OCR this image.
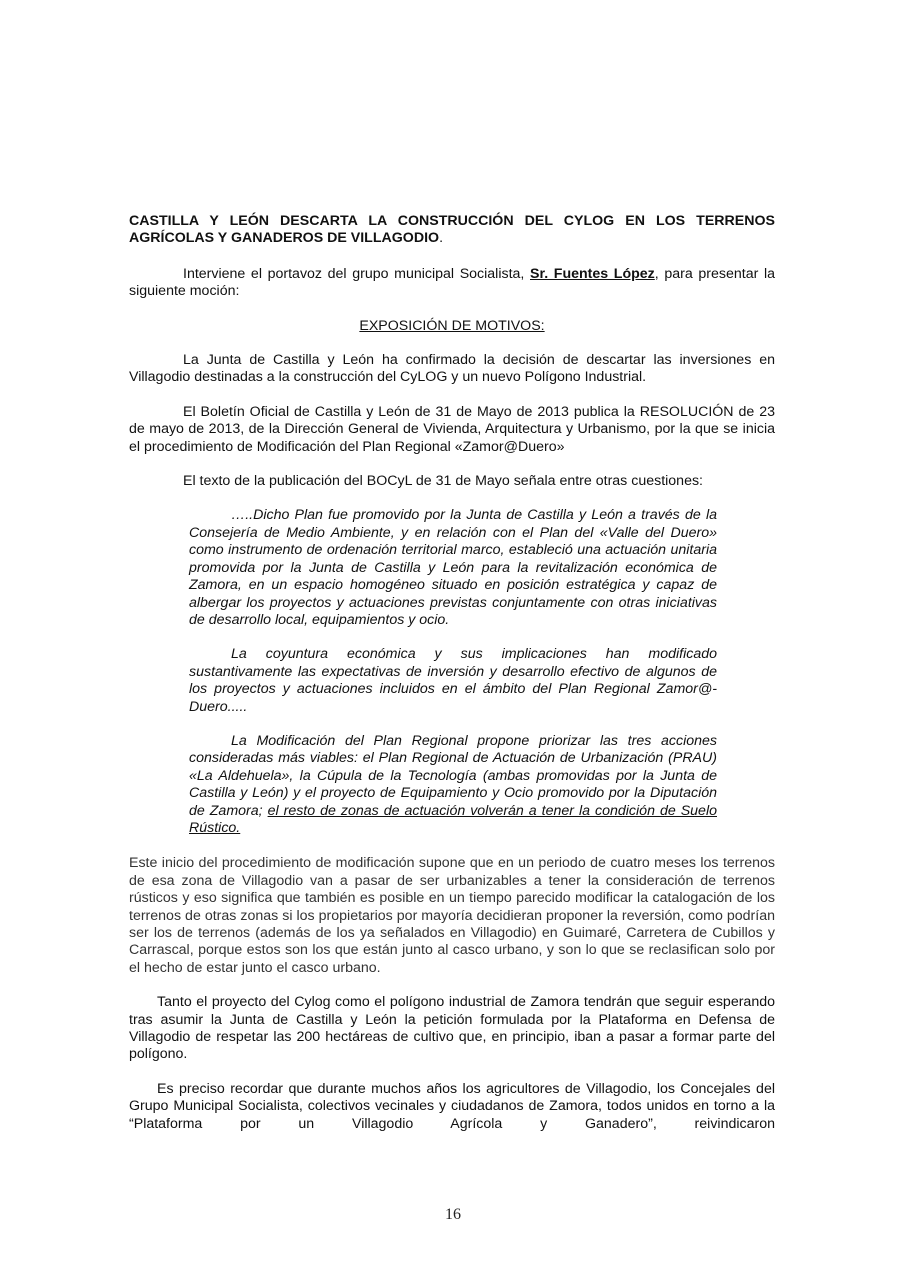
CASTILLA Y LEÓN DESCARTA LA CONSTRUCCIÓN DEL CYLOG EN LOS TERRENOS AGRÍCOLAS Y GANADEROS DE VILLAGODIO.

Interviene el portavoz del grupo municipal Socialista, Sr. Fuentes López, para presentar la siguiente moción:

EXPOSICIÓN DE MOTIVOS:

La Junta de Castilla y León ha confirmado la decisión de descartar las inversiones en Villagodio destinadas a la construcción del CyLOG y un nuevo Polígono Industrial.

El Boletín Oficial de Castilla y León de 31 de Mayo de 2013 publica la RESOLUCIÓN de 23 de mayo de 2013, de la Dirección General de Vivienda, Arquitectura y Urbanismo, por la que se inicia el procedimiento de Modificación del Plan Regional «Zamor@Duero»

El texto de la publicación del BOCyL de 31 de Mayo señala entre otras cuestiones:

…..Dicho Plan fue promovido por la Junta de Castilla y León a través de la Consejería de Medio Ambiente, y en relación con el Plan del «Valle del Duero» como instrumento de ordenación territorial marco, estableció una actuación unitaria promovida por la Junta de Castilla y León para la revitalización económica de Zamora, en un espacio homogéneo situado en posición estratégica y capaz de albergar los proyectos y actuaciones previstas conjuntamente con otras iniciativas de desarrollo local, equipamientos y ocio.

La coyuntura económica y sus implicaciones han modificado sustantivamente las expectativas de inversión y desarrollo efectivo de algunos de los proyectos y actuaciones incluidos en el ámbito del Plan Regional Zamor@-Duero.....

La Modificación del Plan Regional propone priorizar las tres acciones consideradas más viables: el Plan Regional de Actuación de Urbanización (PRAU) «La Aldehuela», la Cúpula de la Tecnología (ambas promovidas por la Junta de Castilla y León) y el proyecto de Equipamiento y Ocio promovido por la Diputación de Zamora; el resto de zonas de actuación volverán a tener la condición de Suelo Rústico.

Este inicio del procedimiento de modificación supone que en un periodo de cuatro meses los terrenos de esa zona de Villagodio van a pasar de ser urbanizables a tener la consideración de terrenos rústicos y eso significa que también es posible en un tiempo parecido modificar la catalogación de los terrenos de otras zonas si los propietarios por mayoría decidieran proponer la reversión, como podrían ser los de terrenos (además de los ya señalados en Villagodio) en Guimaré, Carretera de Cubillos y Carrascal, porque estos son los que están junto al casco urbano, y son lo que se reclasifican solo por el hecho de estar junto el casco urbano.

Tanto el proyecto del Cylog como el polígono industrial de Zamora tendrán que seguir esperando tras asumir la Junta de Castilla y León la petición formulada por la Plataforma en Defensa de Villagodio de respetar las 200 hectáreas de cultivo que, en principio, iban a pasar a formar parte del polígono.

Es preciso recordar que durante muchos años los agricultores de Villagodio, los Concejales del Grupo Municipal Socialista, colectivos vecinales y ciudadanos de Zamora, todos unidos en torno a la “Plataforma por un Villagodio Agrícola y Ganadero”, reivindicaron

16
